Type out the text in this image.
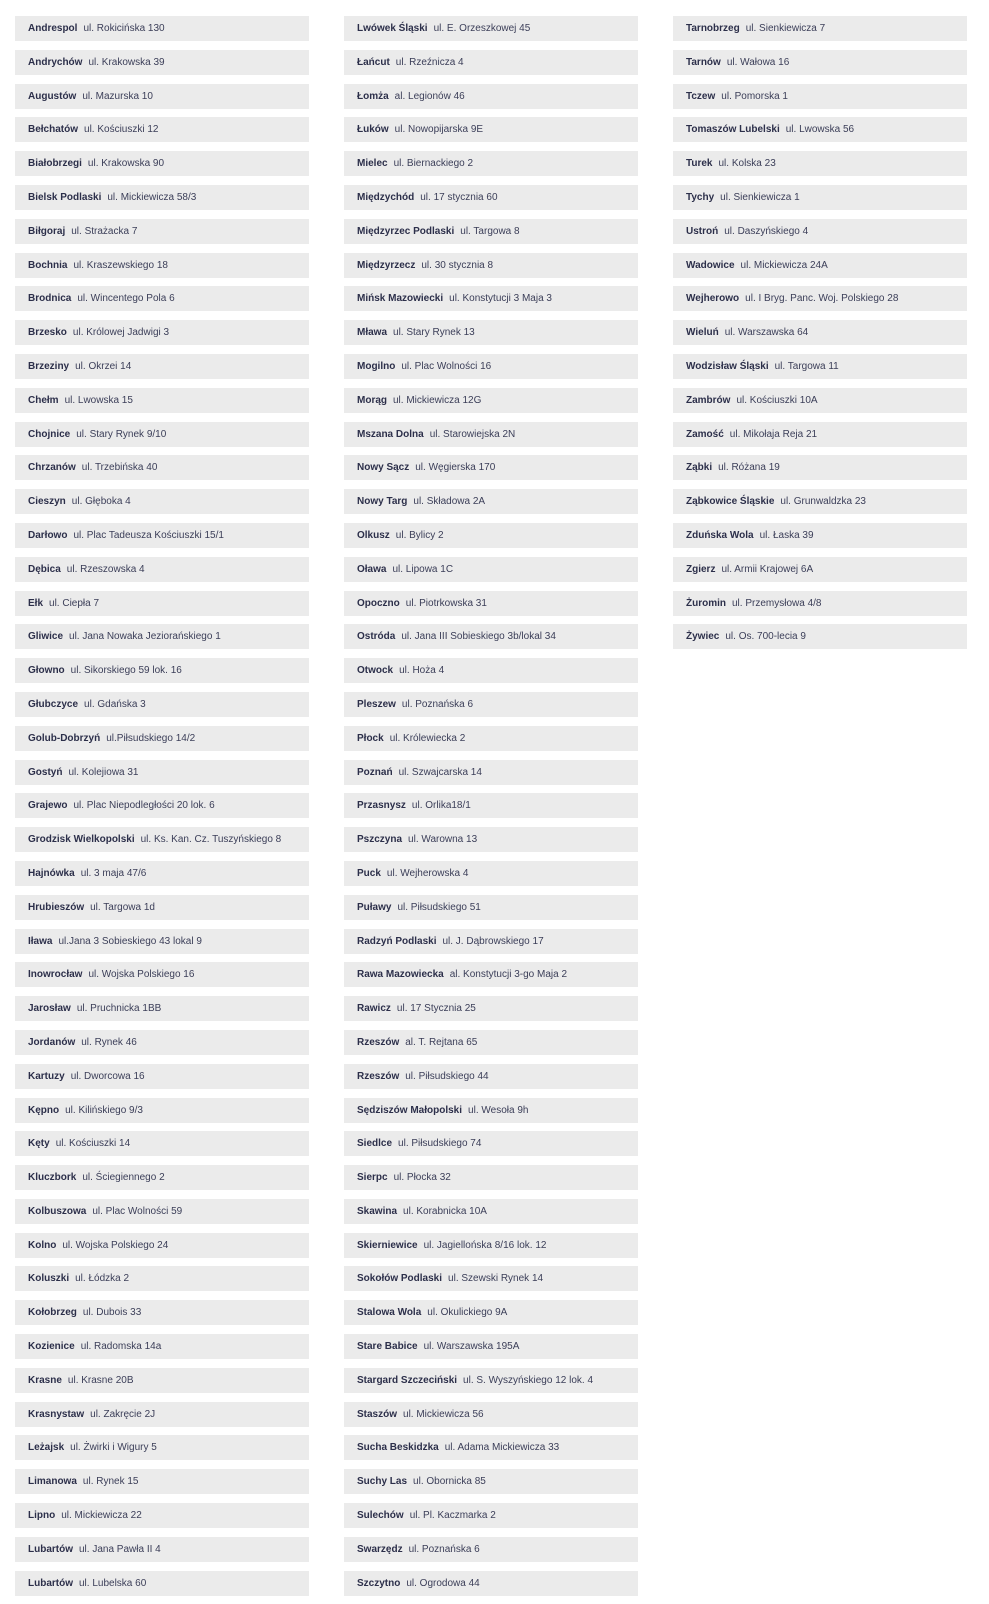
Andrespol ul. Rokicińska 130
Andrychów ul. Krakowska 39
Augustów ul. Mazurska 10
Bełchatów ul. Kościuszki 12
Białobrzegi ul. Krakowska 90
Bielsk Podlaski ul. Mickiewicza 58/3
Biłgoraj ul. Strażacka 7
Bochnia ul. Kraszewskiego 18
Brodnica ul. Wincentego Pola 6
Brzesko ul. Królowej Jadwigi 3
Brzeziny ul. Okrzei 14
Chełm ul. Lwowska 15
Chojnice ul. Stary Rynek 9/10
Chrzanów ul. Trzebińska 40
Cieszyn ul. Głęboka 4
Darłowo ul. Plac Tadeusza Kościuszki 15/1
Dębica ul. Rzeszowska 4
Ełk ul. Ciepła 7
Gliwice ul. Jana Nowaka Jeziorańskiego 1
Głowno ul. Sikorskiego 59 lok. 16
Głubczyce ul. Gdańska 3
Golub-Dobrzyń ul.Piłsudskiego 14/2
Gostyń ul. Kolejiowa 31
Grajewo ul. Plac Niepodległości 20 lok. 6
Grodzisk Wielkopolski ul. Ks. Kan. Cz. Tuszyńskiego 8
Hajnówka ul. 3 maja 47/6
Hrubieszów ul. Targowa 1d
Iława ul.Jana 3 Sobieskiego 43 lokal 9
Inowrocław ul. Wojska Polskiego 16
Jarosław ul. Pruchnicka 1BB
Jordanów ul. Rynek 46
Kartuzy ul. Dworcowa 16
Kępno ul. Kilińskiego 9/3
Kęty ul. Kościuszki 14
Kluczbork ul. Ściegiennego 2
Kolbuszowa ul. Plac Wolności 59
Kolno ul. Wojska Polskiego 24
Koluszki ul. Łódzka 2
Kołobrzeg ul. Dubois 33
Kozienice ul. Radomska 14a
Krasne ul. Krasne 20B
Krasnystaw ul. Zakręcie 2J
Leżajsk ul. Żwirki i Wigury 5
Limanowa ul. Rynek 15
Lipno ul. Mickiewicza 22
Lubartów ul. Jana Pawła II 4
Lubartów ul. Lubelska 60
Lwówek Śląski ul. E. Orzeszkowej 45
Łańcut ul. Rzeźnicza 4
Łomża al. Legionów 46
Łuków ul. Nowopijarska 9E
Mielec ul. Biernackiego 2
Międzychód ul. 17 stycznia 60
Międzyrzec Podlaski ul. Targowa 8
Międzyrzecz ul. 30 stycznia 8
Mińsk Mazowiecki ul. Konstytucji 3 Maja 3
Mława ul. Stary Rynek 13
Mogilno ul. Plac Wolności 16
Morąg ul. Mickiewicza 12G
Mszana Dolna ul. Starowiejska 2N
Nowy Sącz ul. Węgierska 170
Nowy Targ ul. Składowa 2A
Olkusz ul. Bylicy 2
Oława ul. Lipowa 1C
Opoczno ul. Piotrkowska 31
Ostróda ul. Jana III Sobieskiego 3b/lokal 34
Otwock ul. Hoża 4
Pleszew ul. Poznańska 6
Płock ul. Królewiecka 2
Poznań ul. Szwajcarska 14
Przasnysz ul. Orlika18/1
Pszczyna ul. Warowna 13
Puck ul. Wejherowska 4
Puławy ul. Piłsudskiego 51
Radzyń Podlaski ul. J. Dąbrowskiego 17
Rawa Mazowiecka al. Konstytucji 3-go Maja 2
Rawicz ul. 17 Stycznia 25
Rzeszów al. T. Rejtana 65
Rzeszów ul. Piłsudskiego 44
Sędziszów Małopolski ul. Wesoła 9h
Siedlce ul. Piłsudskiego 74
Sierpc ul. Płocka 32
Skawina ul. Korabnicka 10A
Skierniewice ul. Jagiellońska 8/16 lok. 12
Sokołów Podlaski ul. Szewski Rynek 14
Stalowa Wola ul. Okulickiego 9A
Stare Babice ul. Warszawska 195A
Stargard Szczeciński ul. S. Wyszyńskiego 12 lok. 4
Staszów ul. Mickiewicza 56
Sucha Beskidzka ul. Adama Mickiewicza 33
Suchy Las ul. Obornicka 85
Sulechów ul. Pl. Kaczmarka 2
Swarzędz ul. Poznańska 6
Szczytno ul. Ogrodowa 44
Tarnobrzeg ul. Sienkiewicza 7
Tarnów ul. Wałowa 16
Tczew ul. Pomorska 1
Tomaszów Lubelski ul. Lwowska 56
Turek ul. Kolska 23
Tychy ul. Sienkiewicza 1
Ustroń ul. Daszyńskiego 4
Wadowice ul. Mickiewicza 24A
Wejherowo ul. I Bryg. Panc. Woj. Polskiego 28
Wieluń ul. Warszawska 64
Wodzisław Śląski ul. Targowa 11
Zambrów ul. Kościuszki 10A
Zamość ul. Mikołaja Reja 21
Ząbki ul. Różana 19
Ząbkowice Śląskie ul. Grunwaldzka 23
Zduńska Wola ul. Łaska 39
Zgierz ul. Armii Krajowej 6A
Żuromin ul. Przemysłowa 4/8
Żywiec ul. Os. 700-lecia 9
